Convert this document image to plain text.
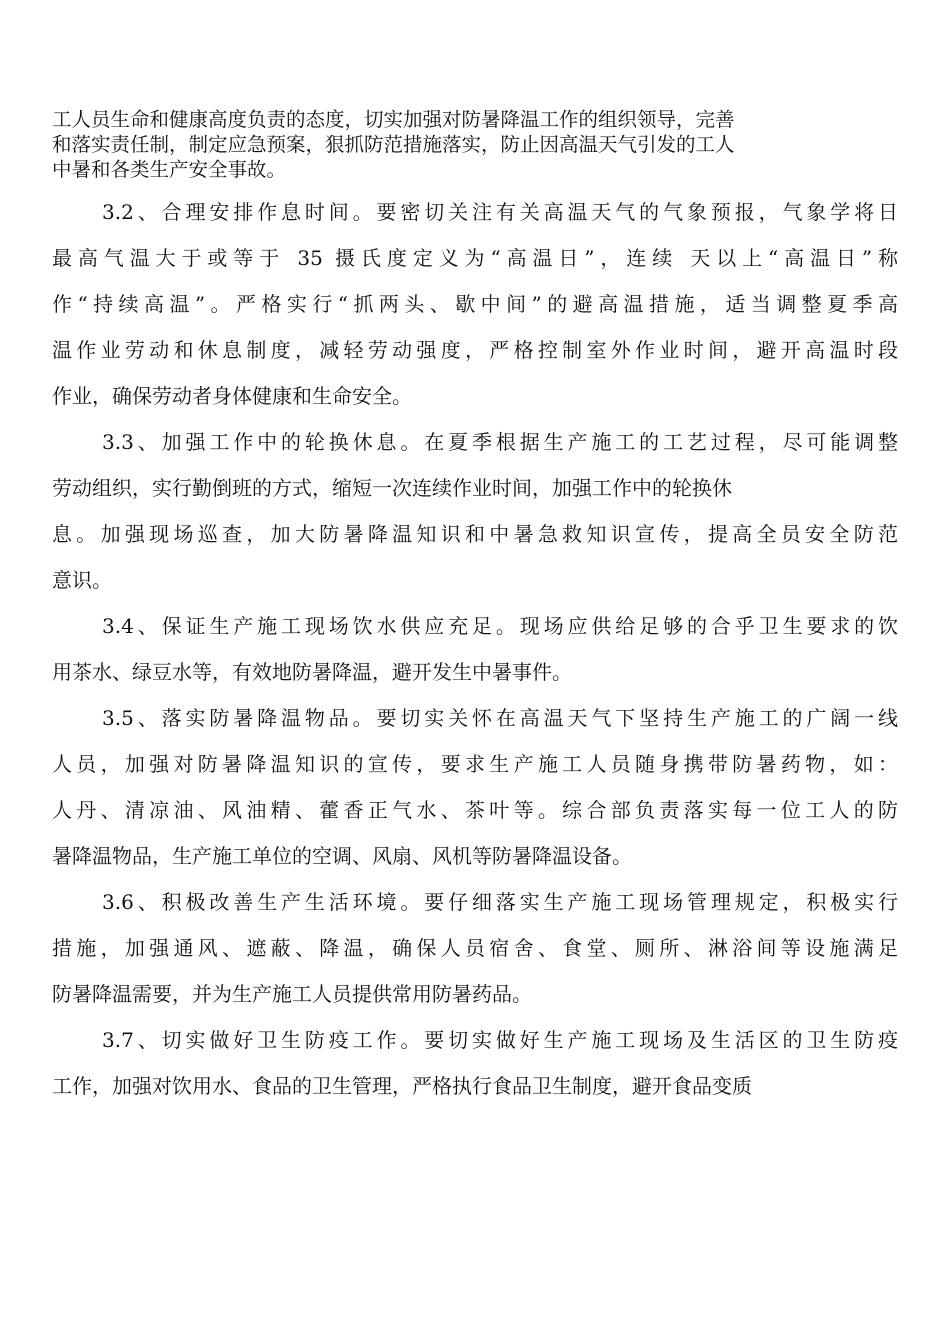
工人员生命和健康高度负责的态度，切实加强对防暑降温工作的组织领导，完善
和落实责任制，制定应急预案，狠抓防范措施落实，防止因高温天气引发的工人
中暑和各类生产安全事故。
3.2、合理安排作息时间。要密切关注有关高温天气的气象预报，气象学将日
最高气温大于或等于 35 摄氏度定义为“高温日”，连续 天以上“高温日”称
作“持续高温”。严格实行“抓两头、歇中间”的避高温措施，适当调整夏季高
温作业劳动和休息制度，减轻劳动强度，严格控制室外作业时间，避开高温时段
作业，确保劳动者身体健康和生命安全。
3.3、加强工作中的轮换休息。在夏季根据生产施工的工艺过程，尽可能调整
劳动组织，实行勤倒班的方式，缩短一次连续作业时间，加强工作中的轮换休
息。加强现场巡查，加大防暑降温知识和中暑急救知识宣传，提高全员安全防范
意识。
3.4、保证生产施工现场饮水供应充足。现场应供给足够的合乎卫生要求的饮
用茶水、绿豆水等，有效地防暑降温，避开发生中暑事件。
3.5、落实防暑降温物品。要切实关怀在高温天气下坚持生产施工的广阔一线
人员，加强对防暑降温知识的宣传，要求生产施工人员随身携带防暑药物，如：
人丹、清凉油、风油精、藿香正气水、茶叶等。综合部负责落实每一位工人的防
暑降温物品，生产施工单位的空调、风扇、风机等防暑降温设备。
3.6、积极改善生产生活环境。要仔细落实生产施工现场管理规定，积极实行
措施，加强通风、遮蔽、降温，确保人员宿舍、食堂、厕所、淋浴间等设施满足
防暑降温需要，并为生产施工人员提供常用防暑药品。
3.7、切实做好卫生防疫工作。要切实做好生产施工现场及生活区的卫生防疫
工作，加强对饮用水、食品的卫生管理，严格执行食品卫生制度，避开食品变质
